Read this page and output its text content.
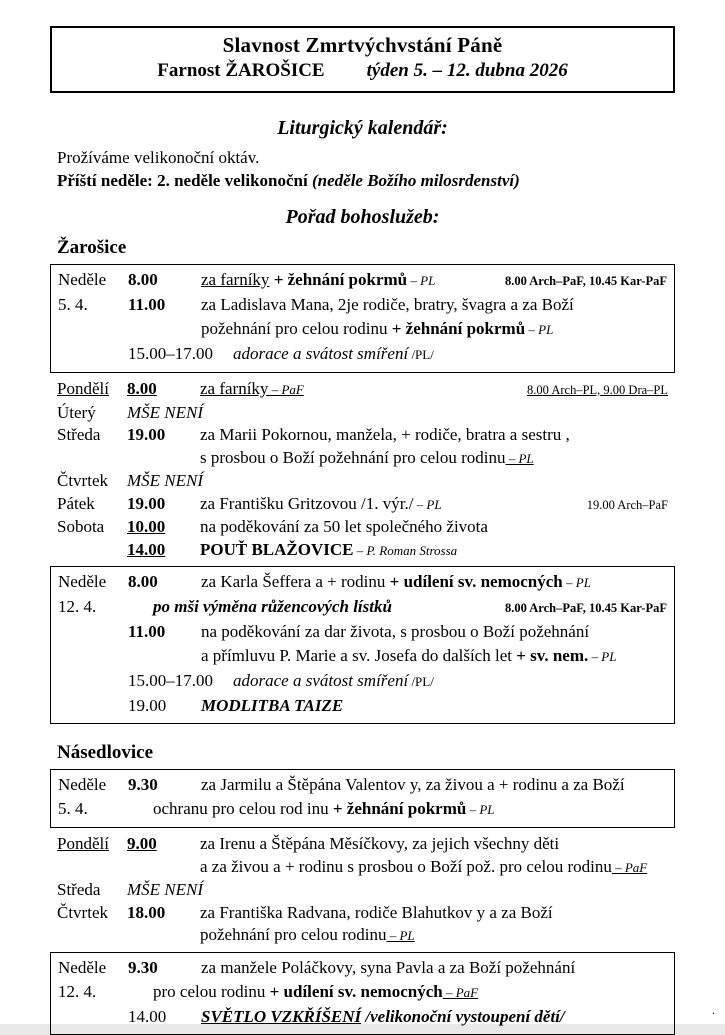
Slavnost Zmrtvýchvstání Páně
Farnost ŽAROŠICE týden 5. – 12. dubna 2026
Liturgický kalendář:
Prožíváme velikonoční oktáv.
Příští neděle: 2. neděle velikonoční (neděle Božího milosrdenství)
Pořad bohoslužeb:
Žarošice
Neděle	8.00	za farníky + žehnání pokrmů – PL	8.00 Arch–PaF, 10.45 Kar-PaF
5. 4.	11.00	za Ladislava Mana, 2je rodiče, bratry, švagra a za Boží
požehnání pro celou rodinu + žehnání pokrmů – PL
15.00–17.00	adorace a svátost smíření /PL/
Pondělí	8.00	za farníky – PaF	8.00 Arch–PL, 9.00 Dra–PL
Úterý	MŠE NENÍ
Středa	19.00	za Marii Pokornou, manžela, + rodiče, bratra a sestru ,
s prosbou o Boží požehnání pro celou rodinu – PL
Čtvrtek	MŠE NENÍ
Pátek	19.00	za Františku Gritzovou /1. výr./ – PL	19.00 Arch–PaF
Sobota	10.00	na poděkování za 50 let společného života
14.00	POUŤ BLAŽOVICE – P. Roman Strossa
Neděle	8.00	za Karla Šeffera a + rodinu + udílení sv. nemocných – PL
12. 4.	po mši výměna růžencových lístků	8.00 Arch–PaF, 10.45 Kar-PaF
11.00	na poděkování za dar života, s prosbou o Boží požehnání
a přímluvu P. Marie a sv. Josefa do dalších let + sv. nem. – PL
15.00–17.00	adorace a svátost smíření /PL/
19.00	MODLITBA TAIZE
Násedlovice
Neděle	9.30	za Jarmilu a Štěpána Valentov y, za živou a + rodinu a za Boží
5. 4.	ochranu pro celou rod inu + žehnání pokrmů – PL
Pondělí	9.00	za Irenu a Štěpána Měsíčkovy, za jejich všechny děti
a za živou a + rodinu s prosbou o Boží pož. pro celou rodinu – PaF
Středa	MŠE NENÍ
Čtvrtek	18.00	za Františka Radvana, rodiče Blahutkov y a za Boží
požehnání pro celou rodinu – PL
Neděle	9.30	za manžele Poláčkovy, syna Pavla a za Boží požehnání
12. 4.	pro celou rodinu + udílení sv. nemocných – PaF
14.00	SVĚTLO VZKŘÍŠENÍ /velikonoční vystoupení dětí/	.
